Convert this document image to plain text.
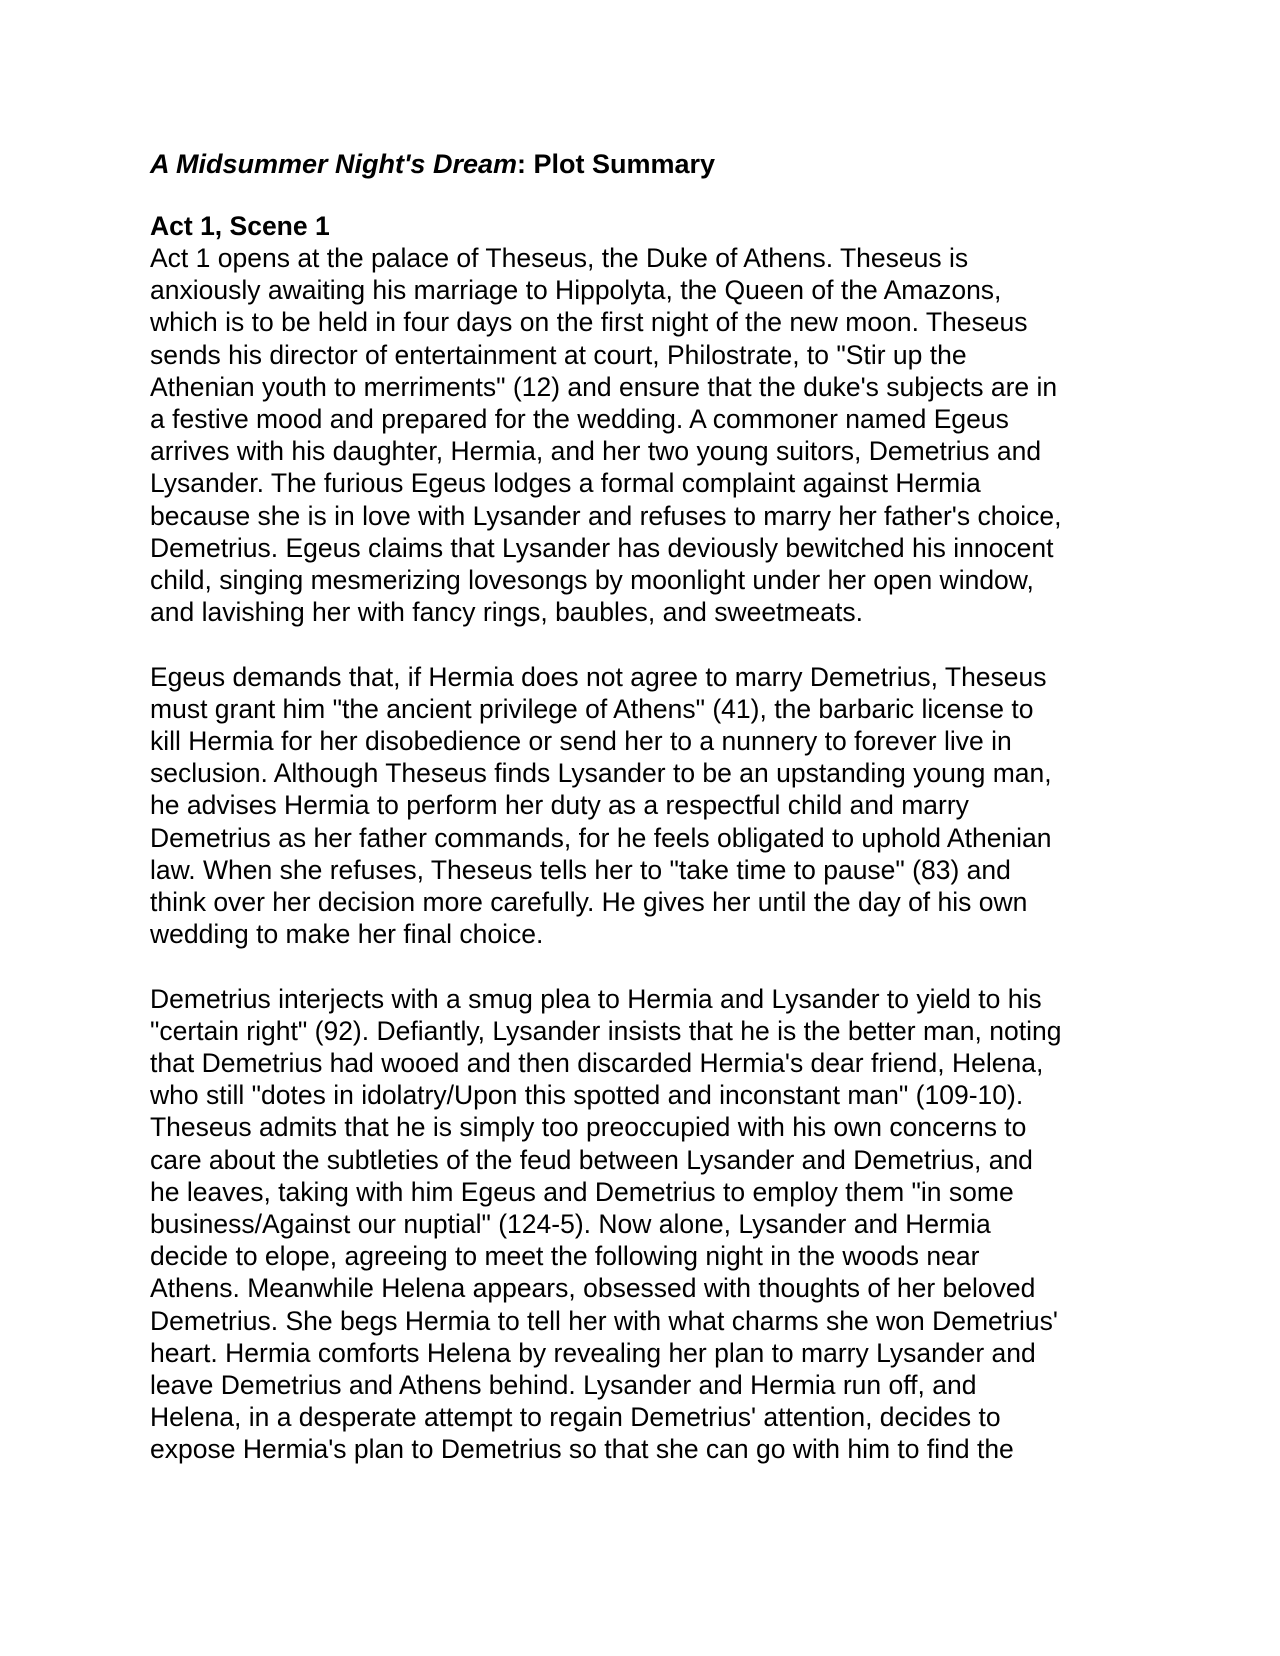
A Midsummer Night's Dream: Plot Summary
Act 1, Scene 1
Act 1 opens at the palace of Theseus, the Duke of Athens. Theseus is
anxiously awaiting his marriage to Hippolyta, the Queen of the Amazons,
which is to be held in four days on the first night of the new moon. Theseus
sends his director of entertainment at court, Philostrate, to "Stir up the
Athenian youth to merriments" (12) and ensure that the duke's subjects are in
a festive mood and prepared for the wedding. A commoner named Egeus
arrives with his daughter, Hermia, and her two young suitors, Demetrius and
Lysander. The furious Egeus lodges a formal complaint against Hermia
because she is in love with Lysander and refuses to marry her father's choice,
Demetrius. Egeus claims that Lysander has deviously bewitched his innocent
child, singing mesmerizing lovesongs by moonlight under her open window,
and lavishing her with fancy rings, baubles, and sweetmeats.
Egeus demands that, if Hermia does not agree to marry Demetrius, Theseus
must grant him "the ancient privilege of Athens" (41), the barbaric license to
kill Hermia for her disobedience or send her to a nunnery to forever live in
seclusion. Although Theseus finds Lysander to be an upstanding young man,
he advises Hermia to perform her duty as a respectful child and marry
Demetrius as her father commands, for he feels obligated to uphold Athenian
law. When she refuses, Theseus tells her to "take time to pause" (83) and
think over her decision more carefully. He gives her until the day of his own
wedding to make her final choice.
Demetrius interjects with a smug plea to Hermia and Lysander to yield to his
"certain right" (92). Defiantly, Lysander insists that he is the better man, noting
that Demetrius had wooed and then discarded Hermia's dear friend, Helena,
who still "dotes in idolatry/Upon this spotted and inconstant man" (109-10).
Theseus admits that he is simply too preoccupied with his own concerns to
care about the subtleties of the feud between Lysander and Demetrius, and
he leaves, taking with him Egeus and Demetrius to employ them "in some
business/Against our nuptial" (124-5). Now alone, Lysander and Hermia
decide to elope, agreeing to meet the following night in the woods near
Athens. Meanwhile Helena appears, obsessed with thoughts of her beloved
Demetrius. She begs Hermia to tell her with what charms she won Demetrius'
heart. Hermia comforts Helena by revealing her plan to marry Lysander and
leave Demetrius and Athens behind. Lysander and Hermia run off, and
Helena, in a desperate attempt to regain Demetrius' attention, decides to
expose Hermia's plan to Demetrius so that she can go with him to find the
